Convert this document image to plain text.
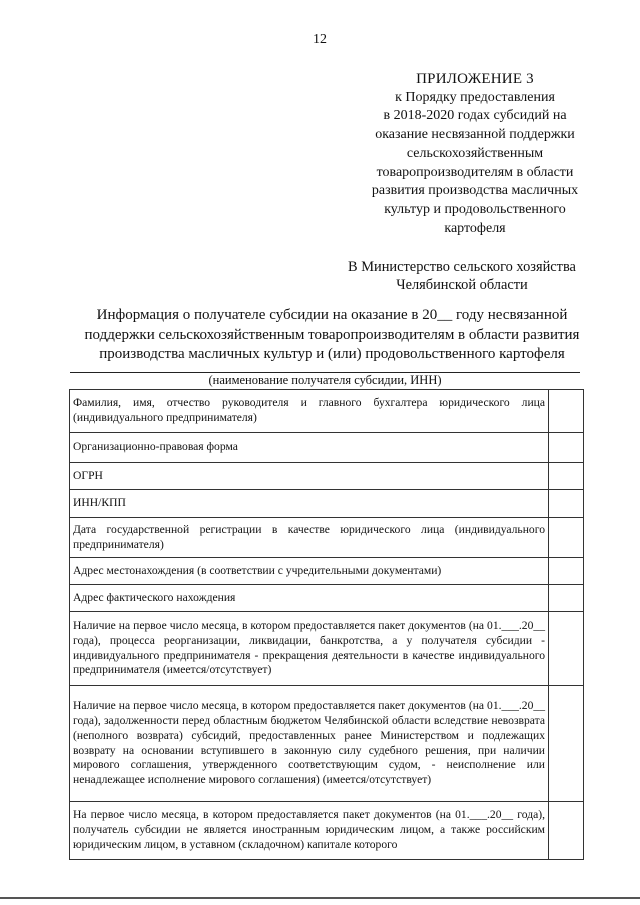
12
ПРИЛОЖЕНИЕ 3
к Порядку предоставления
в 2018-2020 годах субсидий на
оказание несвязанной поддержки
сельскохозяйственным
товаропроизводителям в области
развития производства масличных
культур и продовольственного
картофеля
В Министерство сельского хозяйства
Челябинской области
Информация о получателе субсидии на оказание в 20__ году несвязанной
поддержки сельскохозяйственным товаропроизводителям в области развития
производства масличных культур и (или) продовольственного картофеля
(наименование получателя субсидии, ИНН)
Фамилия, имя, отчество руководителя и главного бухгалтера юридического лица (индивидуального предпринимателя)	
Организационно-правовая форма	
ОГРН	
ИНН/КПП	
Дата государственной регистрации в качестве юридического лица (индивидуального предпринимателя)	
Адрес местонахождения (в соответствии с учредительными документами)	
Адрес фактического нахождения	
Наличие на первое число месяца, в котором предоставляется пакет документов (на 01.___.20__ года), процесса реорганизации, ликвидации, банкротства, а у получателя субсидии - индивидуального предпринимателя - прекращения деятельности в качестве индивидуального предпринимателя (имеется/отсутствует)	
Наличие на первое число месяца, в котором предоставляется пакет документов (на 01.___.20__ года), задолженности перед областным бюджетом Челябинской области вследствие невозврата (неполного возврата) субсидий, предоставленных ранее Министерством и подлежащих возврату на основании вступившего в законную силу судебного решения, при наличии мирового соглашения, утвержденного соответствующим судом, - неисполнение или ненадлежащее исполнение мирового соглашения) (имеется/отсутствует)	
На первое число месяца, в котором предоставляется пакет документов (на 01.___.20__ года), получатель субсидии не является иностранным юридическим лицом, а также российским юридическим лицом, в уставном (складочном) капитале которого	
